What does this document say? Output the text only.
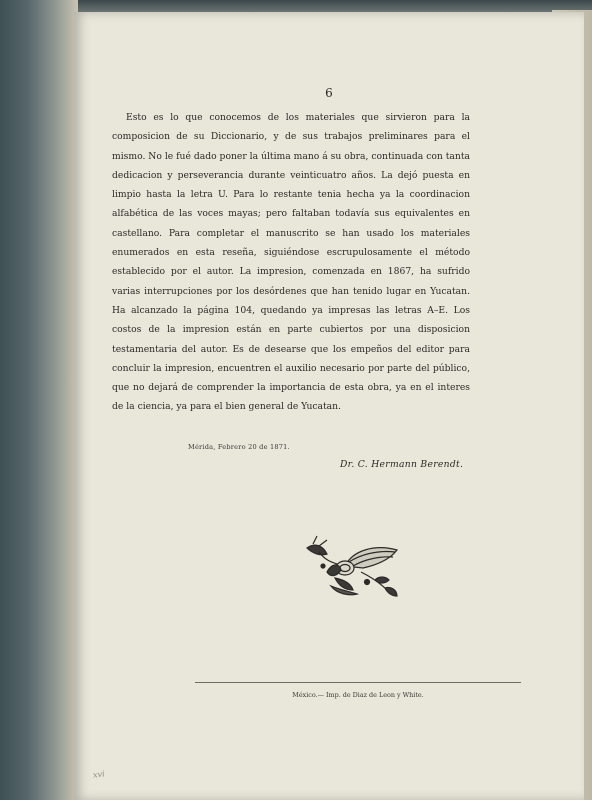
6

Esto es lo que conocemos de los materiales que sirvieron para la composicion de su Diccionario, y de sus trabajos preliminares para el mismo. No le fué dado poner la última mano á su obra, continuada con tanta dedicacion y perseverancia durante veinticuatro años. La dejó puesta en limpio hasta la letra U. Para lo restante tenia hecha ya la coordinacion alfabética de las voces mayas; pero faltaban todavía sus equivalentes en castellano. Para completar el manuscrito se han usado los materiales enumerados en esta reseña, siguiéndose escrupulosamente el método establecido por el autor. La impresion, comenzada en 1867, ha sufrido varias interrupciones por los desórdenes que han tenido lugar en Yucatan. Ha alcanzado la página 104, quedando ya impresas las letras A–E. Los costos de la impresion están en parte cubiertos por una disposicion testamentaria del autor. Es de desearse que los empeños del editor para concluir la impresion, encuentren el auxilio necesario por parte del público, que no dejará de comprender la importancia de esta obra, ya en el interes de la ciencia, ya para el bien general de Yucatan.

Mérida, Febrero 20 de 1871.
Dr. C. Hermann Berendt.
México.— Imp. de Diaz de Leon y White.
xvi
